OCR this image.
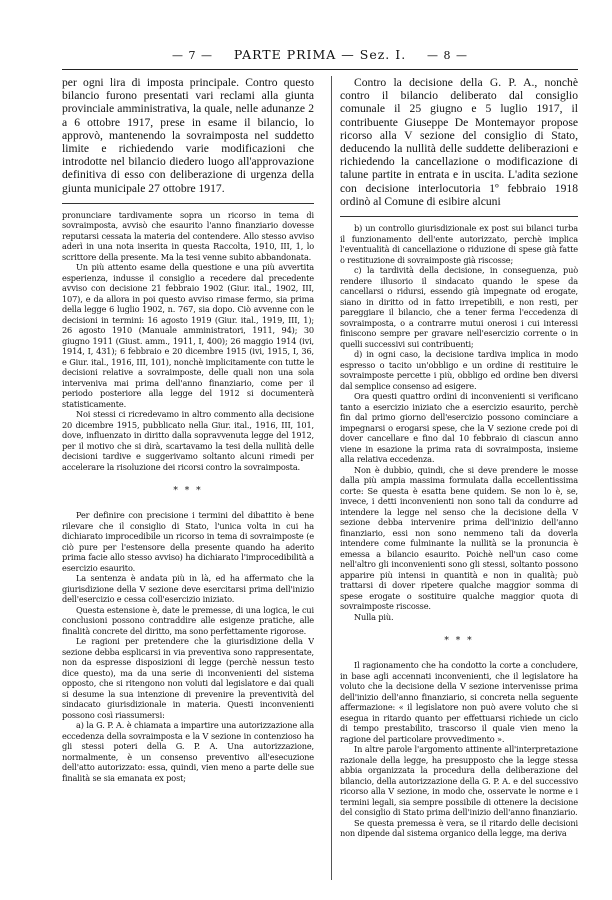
— 7 —	PARTE PRIMA — Sez. I.	— 8 —

per ogni lira di imposta principale. Contro questo bilancio furono presentati vari reclami alla giunta provinciale amministrativa, la quale, nelle adunanze 2 a 6 ottobre 1917, prese in esame il bilancio, lo approvò, mantenendo la sovraimposta nel suddetto limite e richiedendo varie modificazioni che introdotte nel bilancio diedero luogo all'approvazione definitiva di esso con deliberazione di urgenza della giunta municipale 27 ottobre 1917.

pronunciare tardivamente sopra un ricorso in tema di sovraimposta, avvisò che esaurito l'anno finanziario dovesse reputarsi cessata la materia del contendere. Allo stesso avviso aderì in una nota inserita in questa Raccolta, 1910, III, 1, lo scrittore della presente. Ma la tesi venne subito abbandonata.

Un più attento esame della questione e una più avvertita esperienza, indusse il consiglio a recedere dal precedente avviso con decisione 21 febbraio 1902 (Giur. ital., 1902, III, 107), e da allora in poi questo avviso rimase fermo, sia prima della legge 6 luglio 1902, n. 767, sia dopo. Ciò avvenne con le decisioni in termini: 16 agosto 1919 (Giur. ital., 1919, III, 1); 26 agosto 1910 (Manuale amministratori, 1911, 94); 30 giugno 1911 (Giust. amm., 1911, I, 400); 26 maggio 1914 (ivi, 1914, I, 431); 6 febbraio e 20 dicembre 1915 (ivi, 1915, I, 36, e Giur. ital., 1916, III, 101), nonchè implicitamente con tutte le decisioni relative a sovraimposte, delle quali non una sola interveniva mai prima dell'anno finanziario, come per il periodo posteriore alla legge del 1912 si documenterà statisticamente.

Noi stessi ci ricredevamo in altro commento alla decisione 20 dicembre 1915, pubblicato nella Giur. ital., 1916, III, 101, dove, influenzato in diritto dalla sopravvenuta legge del 1912, per il motivo che si dirà, scartavamo la tesi della nullità delle decisioni tardive e suggerivamo soltanto alcuni rimedi per accelerare la risoluzione dei ricorsi contro la sovraimposta.

* * *

Per definire con precisione i termini del dibattito è bene rilevare che il consiglio di Stato, l'unica volta in cui ha dichiarato improcedibile un ricorso in tema di sovraimposte (e ciò pure per l'estensore della presente quando ha aderito prima facie allo stesso avviso) ha dichiarato l'improcedibilità a esercizio esaurito.

La sentenza è andata più in là, ed ha affermato che la giurisdizione della V sezione deve esercitarsi prima dell'inizio dell'esercizio e cessa coll'esercizio iniziato.

Questa estensione è, date le premesse, di una logica, le cui conclusioni possono contraddire alle esigenze pratiche, alle finalità concrete del diritto, ma sono perfettamente rigorose.

Le ragioni per pretendere che la giurisdizione della V sezione debba esplicarsi in via preventiva sono rappresentate, non da espresse disposizioni di legge (perchè nessun testo dice questo), ma da una serie di inconvenienti del sistema opposto, che si ritengono non voluti dal legislatore e dai quali si desume la sua intenzione di prevenire la preventività del sindacato giurisdizionale in materia. Questi inconvenienti possono così riassumersi:

a) la G. P. A. è chiamata a impartire una autorizzazione alla eccedenza della sovraimposta e la V sezione in contenzioso ha gli stessi poteri della G. P. A. Una autorizzazione, normalmente, è un consenso preventivo all'esecuzione dell'atto autorizzato: essa, quindi, vien meno a parte delle sue finalità se sia emanata ex post;

Contro la decisione della G. P. A., nonchè contro il bilancio deliberato dal consiglio comunale il 25 giugno e 5 luglio 1917, il contribuente Giuseppe De Montemayor propose ricorso alla V sezione del consiglio di Stato, deducendo la nullità delle suddette deliberazioni e richiedendo la cancellazione o modificazione di talune partite in entrata e in uscita. L'adita sezione con decisione interlocutoria 1º febbraio 1918 ordinò al Comune di esibire alcuni

b) un controllo giurisdizionale ex post sui bilanci turba il funzionamento dell'ente autorizzato, perchè implica l'eventualità di cancellazione o riduzione di spese già fatte o restituzione di sovraimposte già riscosse;

c) la tardività della decisione, in conseguenza, può rendere illusorio il sindacato quando le spese da cancellarsi o ridursi, essendo già impegnate od erogate, siano in diritto od in fatto irrepetibili, e non resti, per pareggiare il bilancio, che a tener ferma l'eccedenza di sovraimposta, o a contrarre mutui onerosi i cui interessi finiscono sempre per gravare nell'esercizio corrente o in quelli successivi sui contribuenti;

d) in ogni caso, la decisione tardiva implica in modo espresso o tacito un'obbligo e un ordine di restituire le sovraimposte percette i più, obbligo ed ordine ben diversi dal semplice consenso ad esigere.

Ora questi quattro ordini di inconvenienti si verificano tanto a esercizio iniziato che a esercizio esaurito, perchè fin dal primo giorno dell'esercizio possono cominciare a impegnarsi o erogarsi spese, che la V sezione crede poi di dover cancellare e fino dal 10 febbraio di ciascun anno viene in esazione la prima rata di sovraimposta, insieme alla relativa eccedenza.

Non è dubbio, quindi, che si deve prendere le mosse dalla più ampia massima formulata dalla eccellentissima corte: Se questa è esatta bene quidem. Se non lo è, se, invece, i detti inconvenienti non sono tali da condurre ad intendere la legge nel senso che la decisione della V sezione debba intervenire prima dell'inizio dell'anno finanziario, essi non sono nemmeno tali da doverla intendere come fulminante la nullità se la pronuncia è emessa a bilancio esaurito. Poichè nell'un caso come nell'altro gli inconvenienti sono gli stessi, soltanto possono apparire più intensi in quantità e non in qualità; può trattarsi di dover ripetere qualche maggior somma di spese erogate o sostituire qualche maggior quota di sovraimposte riscosse.

Nulla più.

* * *

Il ragionamento che ha condotto la corte a concludere, in base agli accennati inconvenienti, che il legislatore ha voluto che la decisione della V sezione intervenisse prima dell'inizio dell'anno finanziario, si concreta nella seguente affermazione: « il legislatore non può avere voluto che si esegua in ritardo quanto per effettuarsi richiede un ciclo di tempo prestabilito, trascorso il quale vien meno la ragione del particolare provvedimento ».

In altre parole l'argomento attinente all'interpretazione razionale della legge, ha presupposto che la legge stessa abbia organizzata la procedura della deliberazione del bilancio, della autorizzazione della G. P. A. e del successivo ricorso alla V sezione, in modo che, osservate le norme e i termini legali, sia sempre possibile di ottenere la decisione del consiglio di Stato prima dell'inizio dell'anno finanziario.

Se questa premessa è vera, se il ritardo delle decisioni non dipende dal sistema organico della legge, ma deriva
